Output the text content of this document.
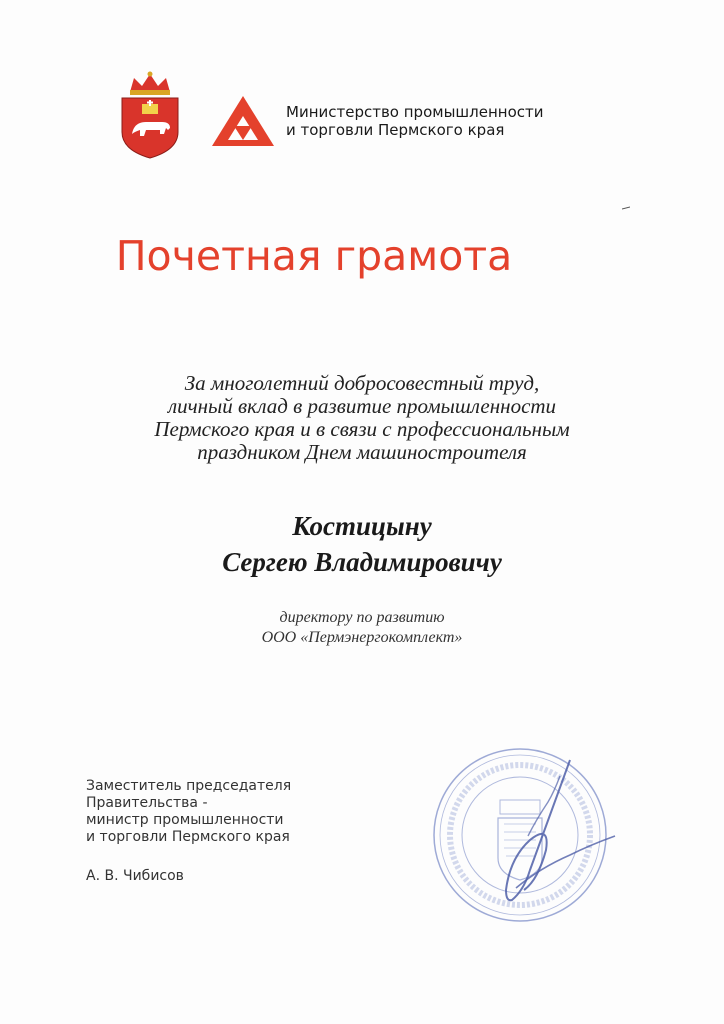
Министерство промышленности
и торговли Пермского края
Почетная грамота
За многолетний добросовестный труд,
личный вклад в развитие промышленности
Пермского края и в связи с профессиональным
праздником Днем машиностроителя
Костицыну
Сергею Владимировичу
директору по развитию
ООО «Пермэнергокомплект»
Заместитель председателя
Правительства -
министр промышленности
и торговли Пермского края
А. В. Чибисов
